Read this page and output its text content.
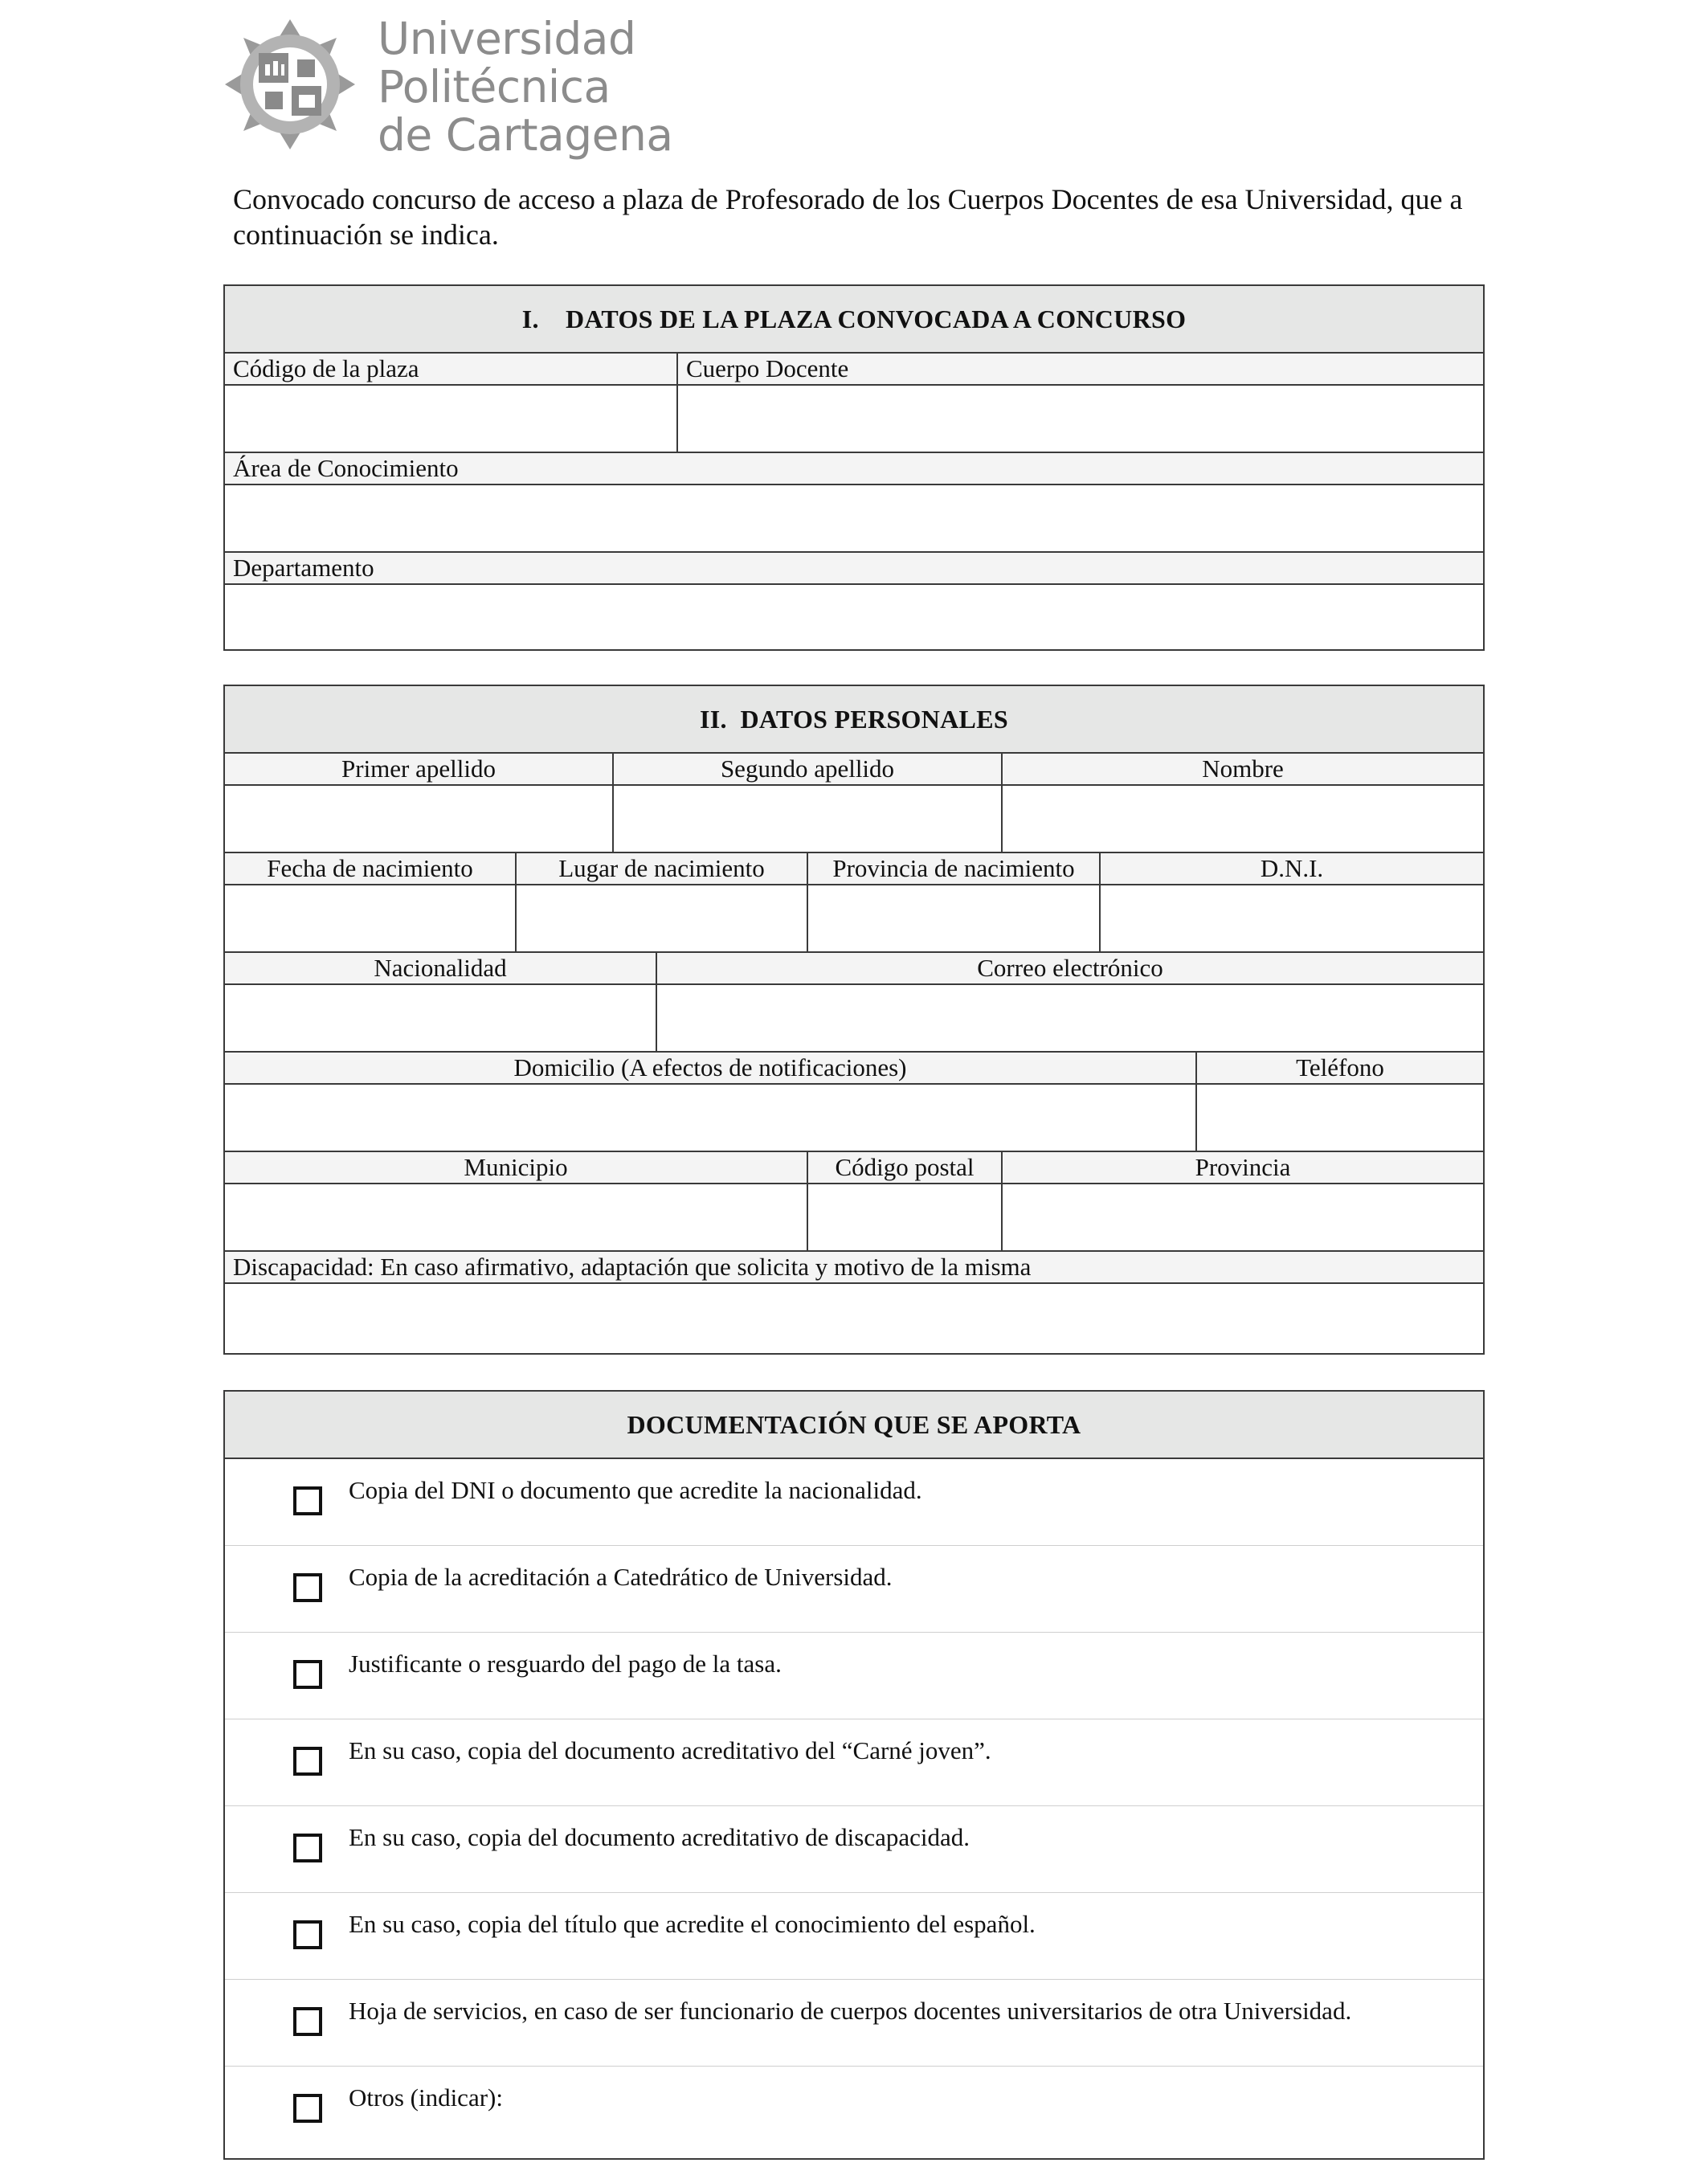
Universidad
Politécnica
de Cartagena
Convocado concurso de acceso a plaza de Profesorado de los Cuerpos Docentes de esa Universidad, que a continuación se indica.
I.    DATOS DE LA PLAZA CONVOCADA A CONCURSO
Código de la plaza	Cuerpo Docente
Área de Conocimiento
Departamento
II.  DATOS PERSONALES
Primer apellido	Segundo apellido	Nombre
Fecha de nacimiento	Lugar de nacimiento	Provincia de nacimiento	D.N.I.
Nacionalidad	Correo electrónico
Domicilio (A efectos de notificaciones)	Teléfono
Municipio	Código postal	Provincia
Discapacidad: En caso afirmativo, adaptación que solicita y motivo de la misma
DOCUMENTACIÓN QUE SE APORTA
Copia del DNI o documento que acredite la nacionalidad.
Copia de la acreditación a Catedrático de Universidad.
Justificante o resguardo del pago de la tasa.
En su caso, copia del documento acreditativo del “Carné joven”.
En su caso, copia del documento acreditativo de discapacidad.
En su caso, copia del título que acredite el conocimiento del español.
Hoja de servicios, en caso de ser funcionario de cuerpos docentes universitarios de otra Universidad.
Otros (indicar):
